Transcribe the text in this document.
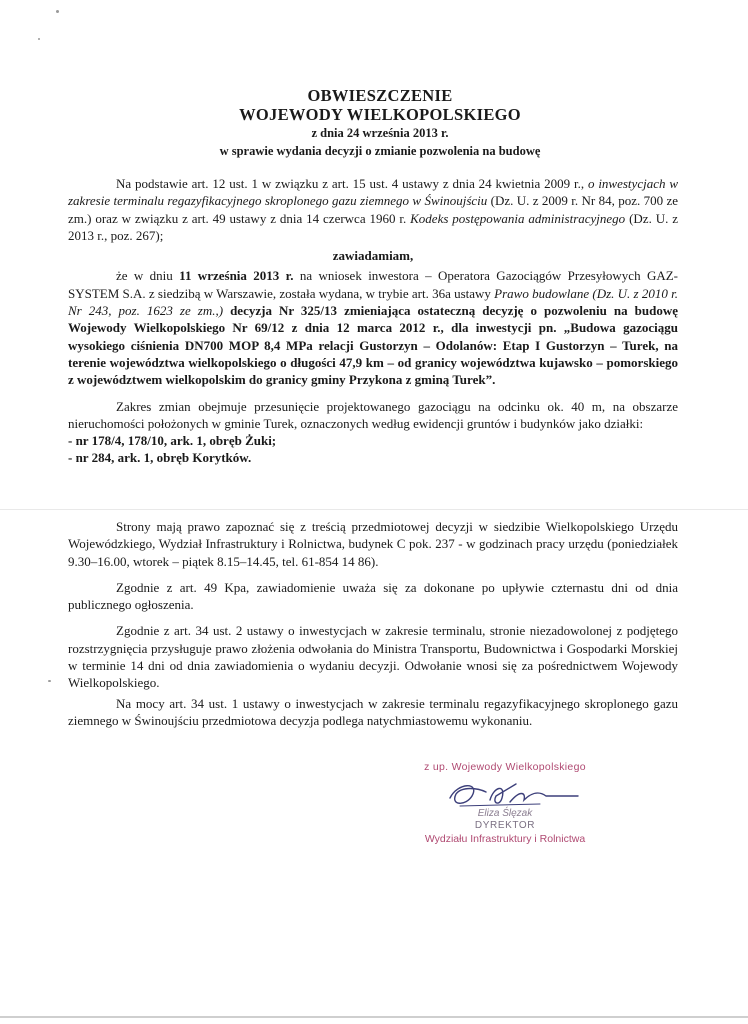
OBWIESZCZENIE
WOJEWODY WIELKOPOLSKIEGO
z dnia 24 września 2013 r.
w sprawie wydania decyzji o zmianie pozwolenia na budowę

Na podstawie art. 12 ust. 1 w związku z art. 15 ust. 4 ustawy z dnia 24 kwietnia 2009 r., o inwestycjach w zakresie terminalu regazyfikacyjnego skroplonego gazu ziemnego w Świnoujściu (Dz. U. z 2009 r. Nr 84, poz. 700 ze zm.) oraz w związku z art. 49 ustawy z dnia 14 czerwca 1960 r. Kodeks postępowania administracyjnego (Dz. U. z 2013 r., poz. 267);

zawiadamiam,

że w dniu 11 września 2013 r. na wniosek inwestora – Operatora Gazociągów Przesyłowych GAZ-SYSTEM S.A. z siedzibą w Warszawie, została wydana, w trybie art. 36a ustawy Prawo budowlane (Dz. U. z 2010 r. Nr 243, poz. 1623 ze zm.,) decyzja Nr 325/13 zmieniająca ostateczną decyzję o pozwoleniu na budowę Wojewody Wielkopolskiego Nr 69/12 z dnia 12 marca 2012 r., dla inwestycji pn. „Budowa gazociągu wysokiego ciśnienia DN700 MOP 8,4 MPa relacji Gustorzyn – Odolanów: Etap I Gustorzyn – Turek, na terenie województwa wielkopolskiego o długości 47,9 km – od granicy województwa kujawsko – pomorskiego z województwem wielkopolskim do granicy gminy Przykona z gminą Turek”.

Zakres zmian obejmuje przesunięcie projektowanego gazociągu na odcinku ok. 40 m, na obszarze nieruchomości położonych w gminie Turek, oznaczonych według ewidencji gruntów i budynków jako działki:

- nr 178/4, 178/10, ark. 1, obręb Żuki;

- nr 284, ark. 1, obręb Korytków.

Strony mają prawo zapoznać się z treścią przedmiotowej decyzji w siedzibie Wielkopolskiego Urzędu Wojewódzkiego, Wydział Infrastruktury i Rolnictwa, budynek C pok. 237 - w godzinach pracy urzędu (poniedziałek 9.30–16.00, wtorek – piątek 8.15–14.45, tel. 61-854 14 86).

Zgodnie z art. 49 Kpa, zawiadomienie uważa się za dokonane po upływie czternastu dni od dnia publicznego ogłoszenia.

Zgodnie z art. 34 ust. 2 ustawy o inwestycjach w zakresie terminalu, stronie niezadowolonej z podjętego rozstrzygnięcia przysługuje prawo złożenia odwołania do Ministra Transportu, Budownictwa i Gospodarki Morskiej w terminie 14 dni od dnia zawiadomienia o wydaniu decyzji. Odwołanie wnosi się za pośrednictwem Wojewody Wielkopolskiego.

Na mocy art. 34 ust. 1 ustawy o inwestycjach w zakresie terminalu regazyfikacyjnego skroplonego gazu ziemnego w Świnoujściu przedmiotowa decyzja podlega natychmiastowemu wykonaniu.

z up. Wojewody Wielkopolskiego
Eliza Ślęzak
DYREKTOR
Wydziału Infrastruktury i Rolnictwa
